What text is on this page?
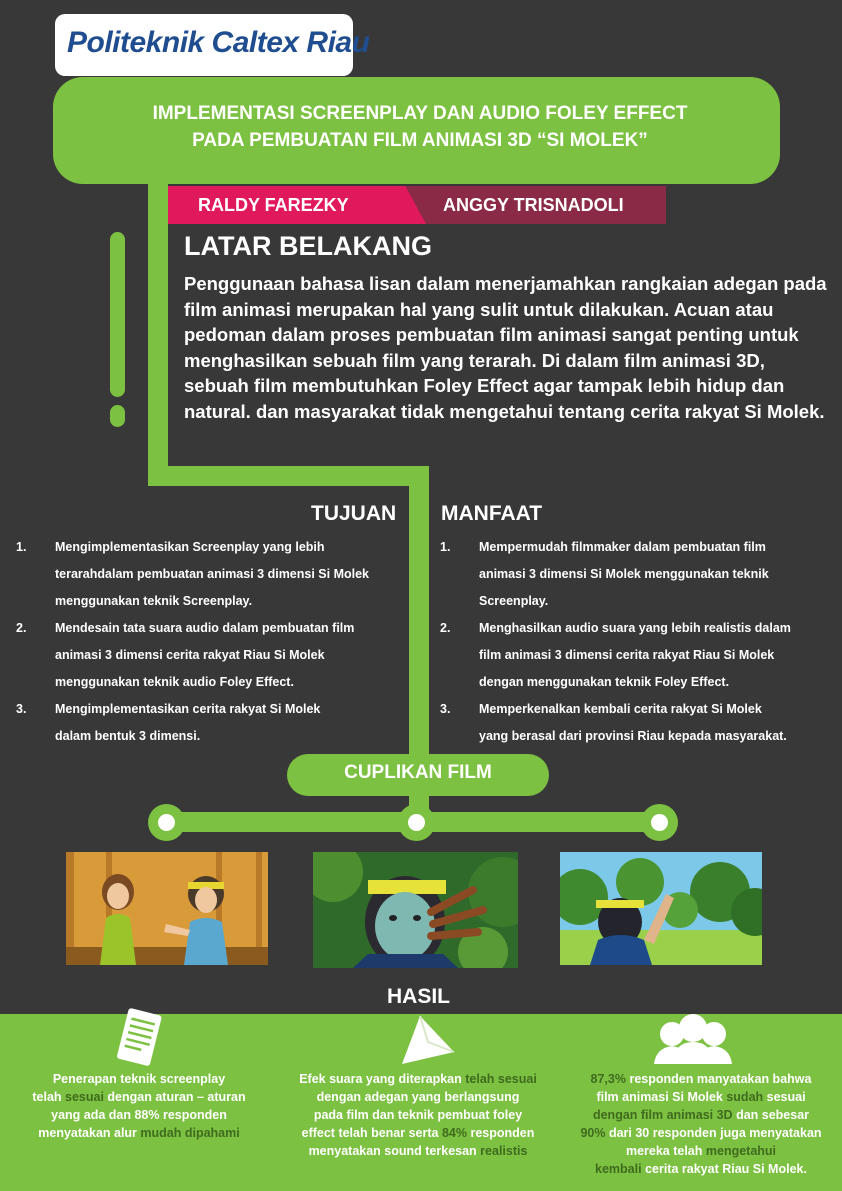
Politeknik Caltex Riau
IMPLEMENTASI SCREENPLAY DAN AUDIO FOLEY EFFECT
PADA PEMBUATAN FILM ANIMASI 3D “SI MOLEK”
RALDY FAREZKY	ANGGY TRISNADOLI
LATAR BELAKANG
Penggunaan bahasa lisan dalam menerjamahkan rangkaian adegan pada film animasi merupakan hal yang sulit untuk dilakukan. Acuan atau pedoman dalam proses pembuatan film animasi sangat penting untuk menghasilkan sebuah film yang terarah. Di dalam film animasi 3D, sebuah film membutuhkan Foley Effect agar tampak lebih hidup dan natural. dan masyarakat tidak mengetahui tentang cerita rakyat Si Molek.
TUJUAN
1. Mengimplementasikan Screenplay yang lebih
terarahdalam pembuatan animasi 3 dimensi Si Molek
menggunakan teknik Screenplay.
2. Mendesain tata suara audio dalam pembuatan film
animasi 3 dimensi cerita rakyat Riau Si Molek
menggunakan teknik audio Foley Effect.
3. Mengimplementasikan cerita rakyat Si Molek
dalam bentuk 3 dimensi.
MANFAAT
1. Mempermudah filmmaker dalam pembuatan film
animasi 3 dimensi Si Molek menggunakan teknik
Screenplay.
2. Menghasilkan audio suara yang lebih realistis dalam
film animasi 3 dimensi cerita rakyat Riau Si Molek
dengan menggunakan teknik Foley Effect.
3. Memperkenalkan kembali cerita rakyat Si Molek
yang berasal dari provinsi Riau kepada masyarakat.
CUPLIKAN FILM
HASIL
Penerapan teknik screenplay
telah sesuai dengan aturan – aturan
yang ada dan 88% responden
menyatakan alur mudah dipahami
Efek suara yang diterapkan telah sesuai
dengan adegan yang berlangsung
pada film dan teknik pembuat foley
effect telah benar serta 84% responden
menyatakan sound terkesan realistis
87,3% responden manyatakan bahwa
film animasi Si Molek sudah sesuai
dengan film animasi 3D dan sebesar
90% dari 30 responden juga menyatakan
mereka telah mengetahui
kembali cerita rakyat Riau Si Molek.
